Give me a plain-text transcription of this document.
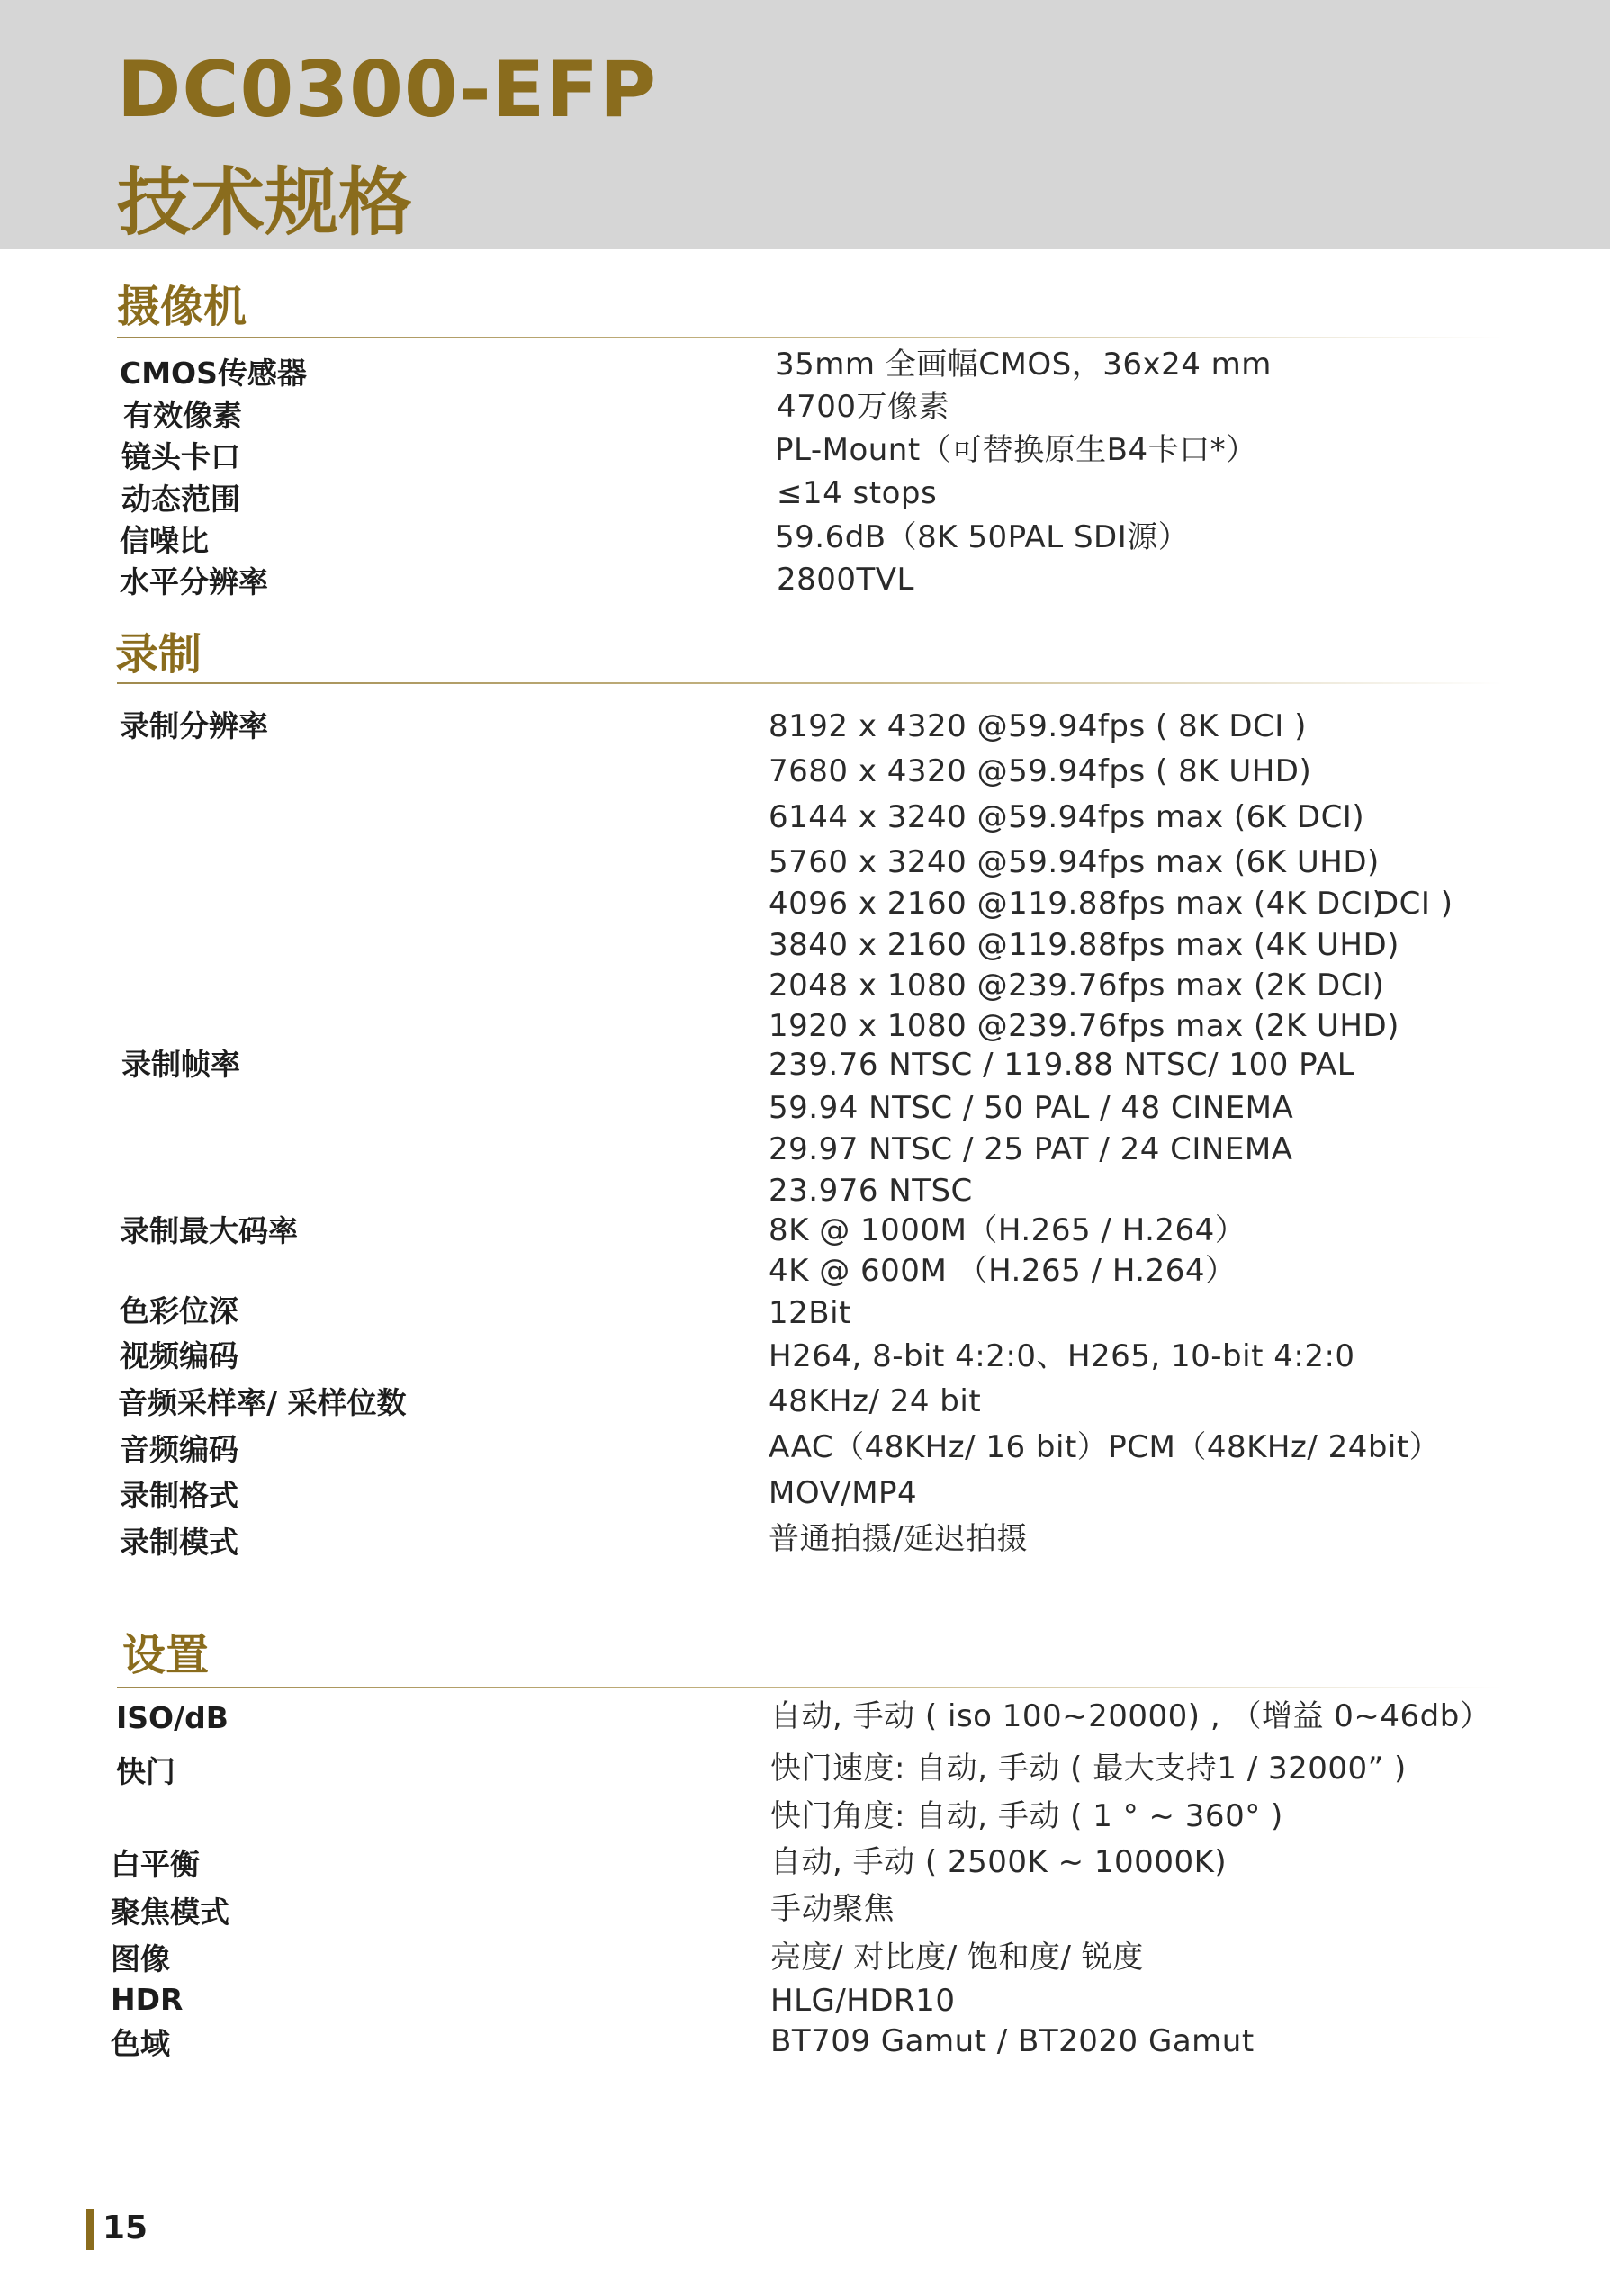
DC0300-EFP
技术规格
摄像机
CMOS传感器
有效像素
镜头卡口
动态范围
信噪比
水平分辨率
35mm 全画幅CMOS，36x24 mm
4700万像素
PL-Mount（可替换原生B4卡口*）
≤14 stops
59.6dB（8K 50PAL SDI源）
2800TVL
录制
录制分辨率
录制帧率
录制最大码率
色彩位深
视频编码
音频采样率/ 采样位数
音频编码
录制格式
录制模式
8192 x 4320 @59.94fps ( 8K DCI )
7680 x 4320 @59.94fps ( 8K UHD)
6144 x 3240 @59.94fps max (6K DCI)
5760 x 3240 @59.94fps max (6K UHD)
4096 x 2160 @119.88fps max (4K DCI)
DCI )
3840 x 2160 @119.88fps max (4K UHD)
2048 x 1080 @239.76fps max (2K DCI)
1920 x 1080 @239.76fps max (2K UHD)
239.76 NTSC / 119.88 NTSC/ 100 PAL
59.94 NTSC / 50 PAL / 48 CINEMA
29.97 NTSC / 25 PAT / 24 CINEMA
23.976 NTSC
8K @ 1000M（H.265 / H.264）
4K @ 600M （H.265 / H.264）
12Bit
H264, 8-bit 4:2:0、H265, 10-bit 4:2:0
48KHz/ 24 bit
AAC（48KHz/ 16 bit）PCM（48KHz/ 24bit）
MOV/MP4
普通拍摄/延迟拍摄
设置
ISO/dB
快门
白平衡
聚焦模式
图像
HDR
色域
自动, 手动 ( iso 100~20000) , （增益 0~46db）
快门速度: 自动, 手动 ( 最大支持1 / 32000” )
快门角度: 自动, 手动 ( 1 ° ~ 360° )
自动, 手动 ( 2500K ~ 10000K)
手动聚焦
亮度/ 对比度/ 饱和度/ 锐度
HLG/HDR10
BT709 Gamut / BT2020 Gamut
15
